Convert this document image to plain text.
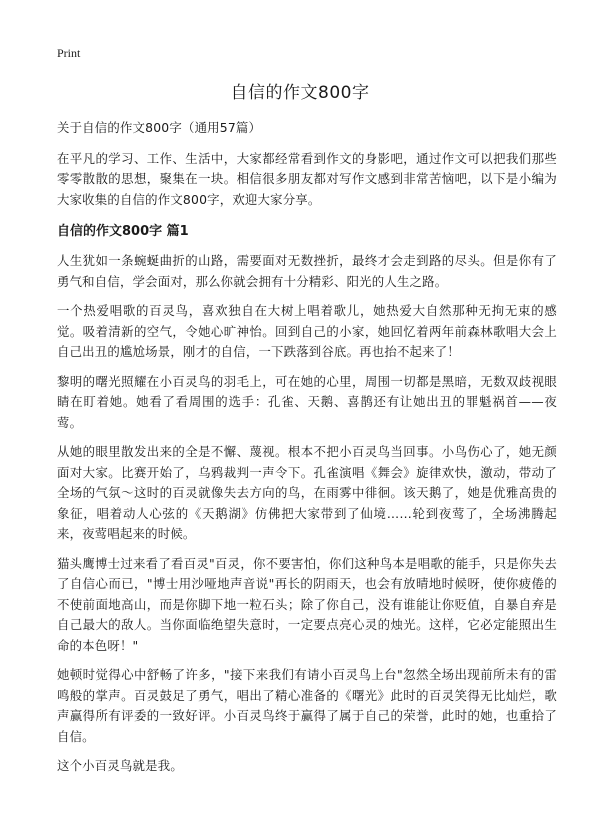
Print
自信的作文800字

关于自信的作文800字（通用57篇）

在平凡的学习、工作、生活中，大家都经常看到作文的身影吧，通过作文可以把我们那些零零散散的思想，聚集在一块。相信很多朋友都对写作文感到非常苦恼吧，以下是小编为大家收集的自信的作文800字，欢迎大家分享。

自信的作文800字 篇1

人生犹如一条蜿蜒曲折的山路，需要面对无数挫折，最终才会走到路的尽头。但是你有了勇气和自信，学会面对，那么你就会拥有十分精彩、阳光的人生之路。

一个热爱唱歌的百灵鸟，喜欢独自在大树上唱着歌儿，她热爱大自然那种无拘无束的感觉。吸着清新的空气，令她心旷神怡。回到自己的小家，她回忆着两年前森林歌唱大会上自己出丑的尴尬场景，刚才的自信，一下跌落到谷底。再也抬不起来了！

黎明的曙光照耀在小百灵鸟的羽毛上，可在她的心里，周围一切都是黑暗，无数双歧视眼睛在盯着她。她看了看周围的选手：孔雀、天鹅、喜鹊还有让她出丑的罪魁祸首——夜莺。

从她的眼里散发出来的全是不懈、蔑视。根本不把小百灵鸟当回事。小鸟伤心了，她无颜面对大家。比赛开始了，乌鸦裁判一声令下。孔雀演唱《舞会》旋律欢快，激动，带动了全场的气氛～这时的百灵就像失去方向的鸟，在雨雾中徘徊。该天鹅了，她是优雅高贵的象征，唱着动人心弦的《天鹅湖》仿佛把大家带到了仙境……轮到夜莺了，全场沸腾起来，夜莺唱起来的时候。

猫头鹰博士过来看了看百灵"百灵，你不要害怕，你们这种鸟本是唱歌的能手，只是你失去了自信心而已，"博士用沙哑地声音说"再长的阴雨天，也会有放晴地时候呀，使你疲倦的不使前面地高山，而是你脚下地一粒石头；除了你自己，没有谁能让你贬值，自暴自弃是自己最大的敌人。当你面临绝望失意时，一定要点亮心灵的烛光。这样，它必定能照出生命的本色呀！"

她顿时觉得心中舒畅了许多，"接下来我们有请小百灵鸟上台"忽然全场出现前所未有的雷鸣般的掌声。百灵鼓足了勇气，唱出了精心准备的《曙光》此时的百灵笑得无比灿烂，歌声赢得所有评委的一致好评。小百灵鸟终于赢得了属于自己的荣誉，此时的她，也重拾了自信。

这个小百灵鸟就是我。
